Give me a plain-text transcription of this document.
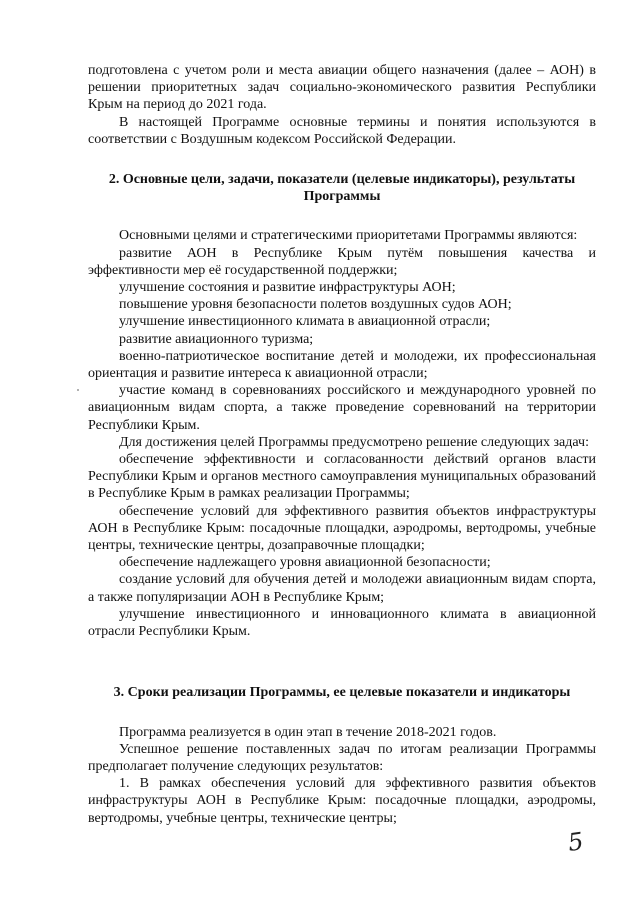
подготовлена с учетом роли и места авиации общего назначения (далее – АОН) в решении приоритетных задач социально-экономического развития Республики Крым на период до 2021 года.

В настоящей Программе основные термины и понятия используются в соответствии с Воздушным кодексом Российской Федерации.

2. Основные цели, задачи, показатели (целевые индикаторы), результаты Программы

Основными целями и стратегическими приоритетами Программы являются:

развитие АОН в Республике Крым путём повышения качества и эффективности мер её государственной поддержки;

улучшение состояния и развитие инфраструктуры АОН;

повышение уровня безопасности полетов воздушных судов АОН;

улучшение инвестиционного климата в авиационной отрасли;

развитие авиационного туризма;

военно-патриотическое воспитание детей и молодежи, их профессиональная ориентация и развитие интереса к авиационной отрасли;

участие команд в соревнованиях российского и международного уровней по авиационным видам спорта, а также проведение соревнований на территории Республики Крым.

Для достижения целей Программы предусмотрено решение следующих задач:

обеспечение эффективности и согласованности действий органов власти Республики Крым и органов местного самоуправления муниципальных образований в Республике Крым в рамках реализации Программы;

обеспечение условий для эффективного развития объектов инфраструктуры АОН в Республике Крым: посадочные площадки, аэродромы, вертодромы, учебные центры, технические центры, дозаправочные площадки;

обеспечение надлежащего уровня авиационной безопасности;

создание условий для обучения детей и молодежи авиационным видам спорта, а также популяризации АОН в Республике Крым;

улучшение инвестиционного и инновационного климата в авиационной отрасли Республики Крым.

3. Сроки реализации Программы, ее целевые показатели и индикаторы

Программа реализуется в один этап в течение 2018-2021 годов.

Успешное решение поставленных задач по итогам реализации Программы предполагает получение следующих результатов:

1. В рамках обеспечения условий для эффективного развития объектов инфраструктуры АОН в Республике Крым: посадочные площадки, аэродромы, вертодромы, учебные центры, технические центры;

5
